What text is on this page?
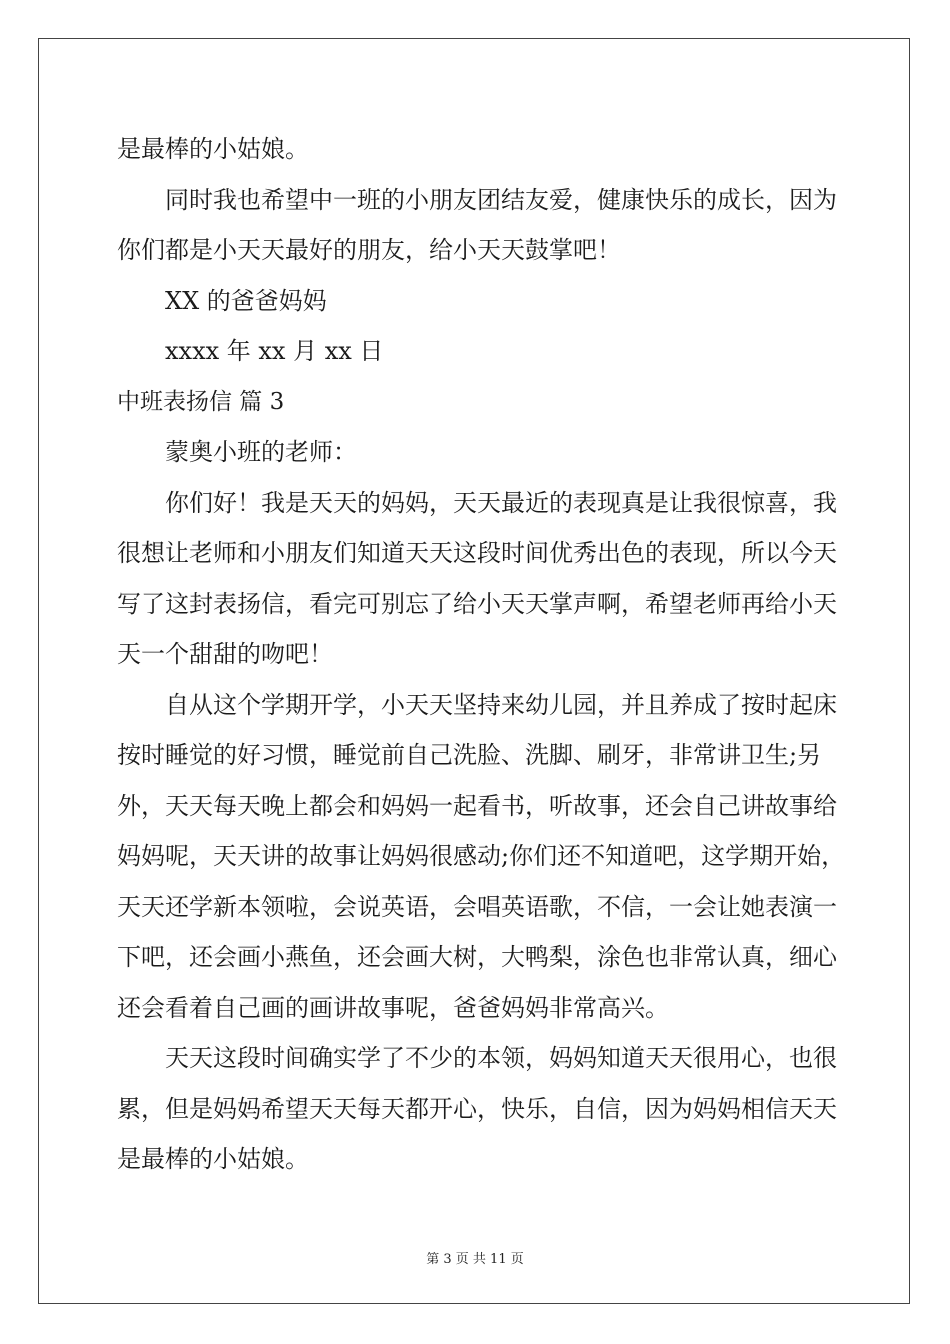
是最棒的小姑娘。
同时我也希望中一班的小朋友团结友爱，健康快乐的成长，因为
你们都是小天天最好的朋友，给小天天鼓掌吧！
XX 的爸爸妈妈
xxxx 年 xx 月 xx 日
中班表扬信 篇 3
蒙奥小班的老师：
你们好！我是天天的妈妈，天天最近的表现真是让我很惊喜，我
很想让老师和小朋友们知道天天这段时间优秀出色的表现，所以今天
写了这封表扬信，看完可别忘了给小天天掌声啊，希望老师再给小天
天一个甜甜的吻吧！
自从这个学期开学，小天天坚持来幼儿园，并且养成了按时起床
按时睡觉的好习惯，睡觉前自己洗脸、洗脚、刷牙，非常讲卫生;另
外，天天每天晚上都会和妈妈一起看书，听故事，还会自己讲故事给
妈妈呢，天天讲的故事让妈妈很感动;你们还不知道吧，这学期开始，
天天还学新本领啦，会说英语，会唱英语歌，不信，一会让她表演一
下吧，还会画小燕鱼，还会画大树，大鸭梨，涂色也非常认真，细心
还会看着自己画的画讲故事呢，爸爸妈妈非常高兴。
天天这段时间确实学了不少的本领，妈妈知道天天很用心，也很
累，但是妈妈希望天天每天都开心，快乐，自信，因为妈妈相信天天
是最棒的小姑娘。
第 3 页 共 11 页
